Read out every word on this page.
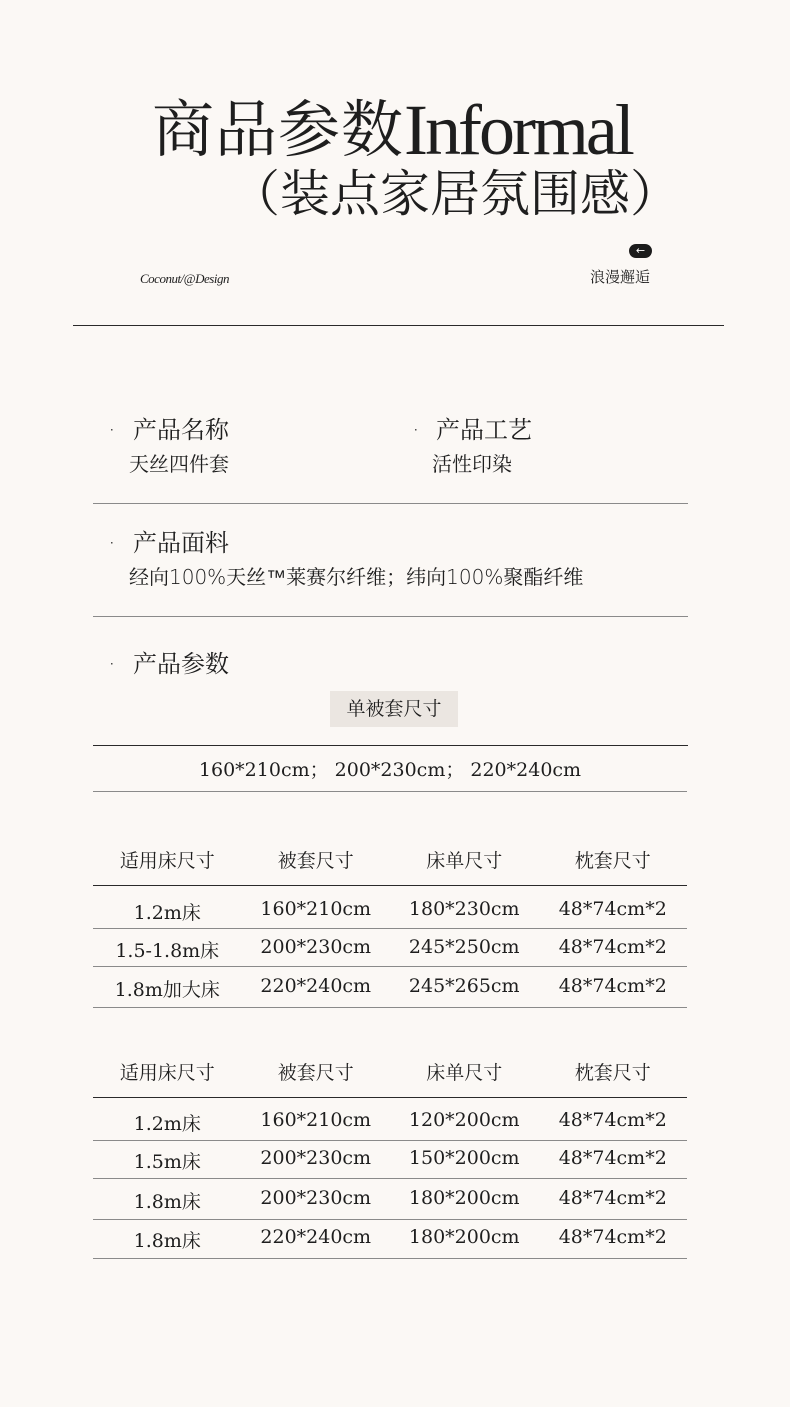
商品参数 Informal
（装点家居氛围感）
Coconut/@Design
←
浪漫邂逅
· 产品名称
天丝四件套
· 产品工艺
活性印染
· 产品面料
经向100%天丝™莱赛尔纤维；纬向100%聚酯纤维
· 产品参数
单被套尺寸
160*210cm； 200*230cm； 220*240cm
适用床尺寸	被套尺寸	床单尺寸	枕套尺寸
1.2m床	160*210cm	180*230cm	48*74cm*2
1.5-1.8m床	200*230cm	245*250cm	48*74cm*2
1.8m加大床	220*240cm	245*265cm	48*74cm*2
适用床尺寸	被套尺寸	床单尺寸	枕套尺寸
1.2m床	160*210cm	120*200cm	48*74cm*2
1.5m床	200*230cm	150*200cm	48*74cm*2
1.8m床	200*230cm	180*200cm	48*74cm*2
1.8m床	220*240cm	180*200cm	48*74cm*2
